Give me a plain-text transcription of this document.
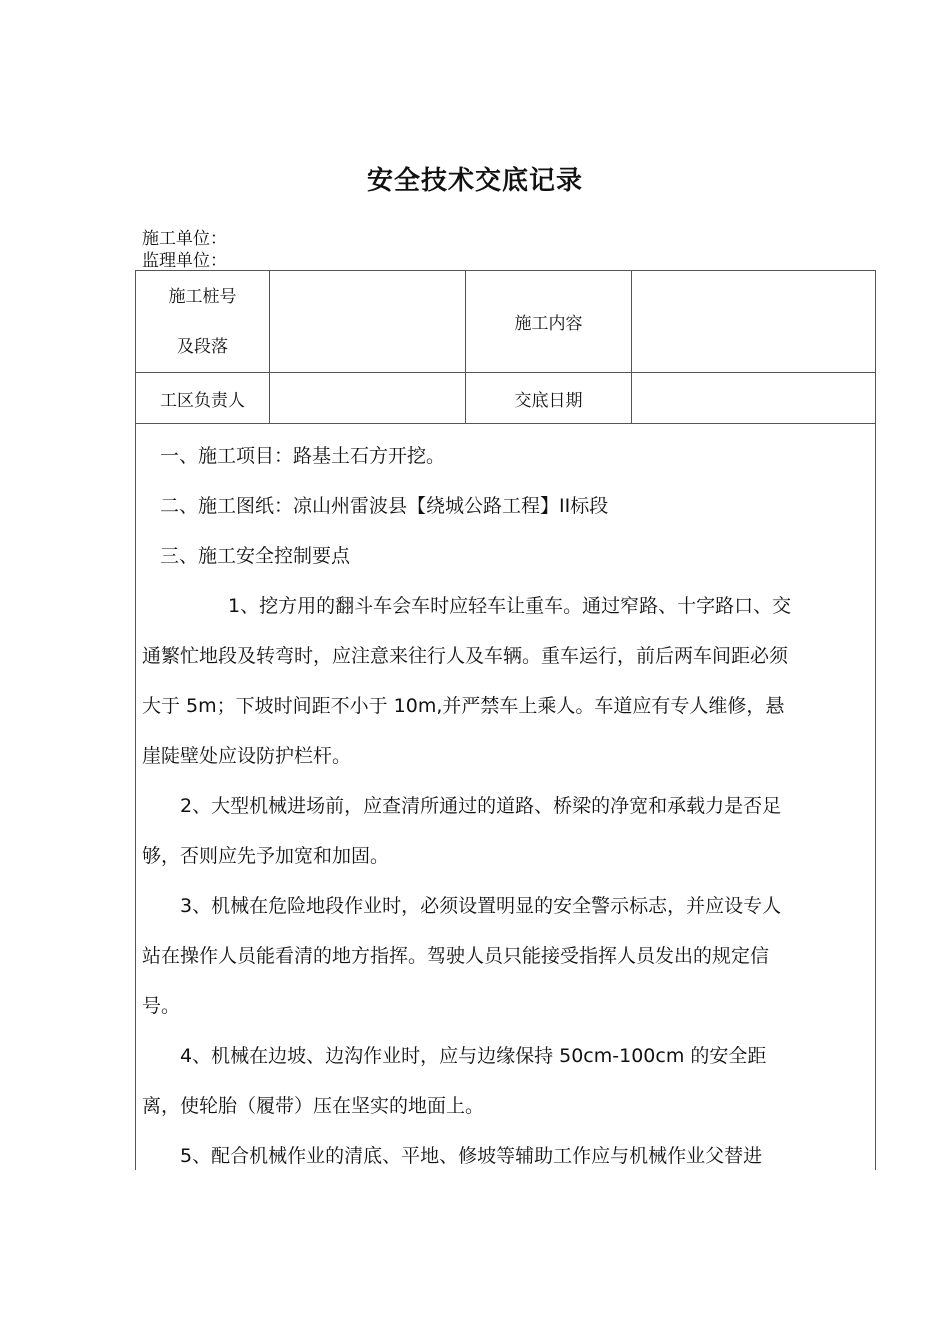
安全技术交底记录
施工单位：
监理单位：
施工桩号
及段落
施工内容
工区负责人	交底日期

一、施工项目：路基土石方开挖。

二、施工图纸：凉山州雷波县【绕城公路工程】II标段

三、施工安全控制要点

1、挖方用的翻斗车会车时应轻车让重车。通过窄路、十字路口、交

通繁忙地段及转弯时，应注意来往行人及车辆。重车运行，前后两车间距必须

大于 5m；下坡时间距不小于 10m,并严禁车上乘人。车道应有专人维修，悬

崖陡壁处应设防护栏杆。

2、大型机械进场前，应查清所通过的道路、桥梁的净宽和承载力是否足

够，否则应先予加宽和加固。

3、机械在危险地段作业时，必须设置明显的安全警示标志，并应设专人

站在操作人员能看清的地方指挥。驾驶人员只能接受指挥人员发出的规定信

号。

4、机械在边坡、边沟作业时，应与边缘保持 50cm-100cm 的安全距

离，使轮胎（履带）压在坚实的地面上。

5、配合机械作业的清底、平地、修坡等辅助工作应与机械作业父替进
